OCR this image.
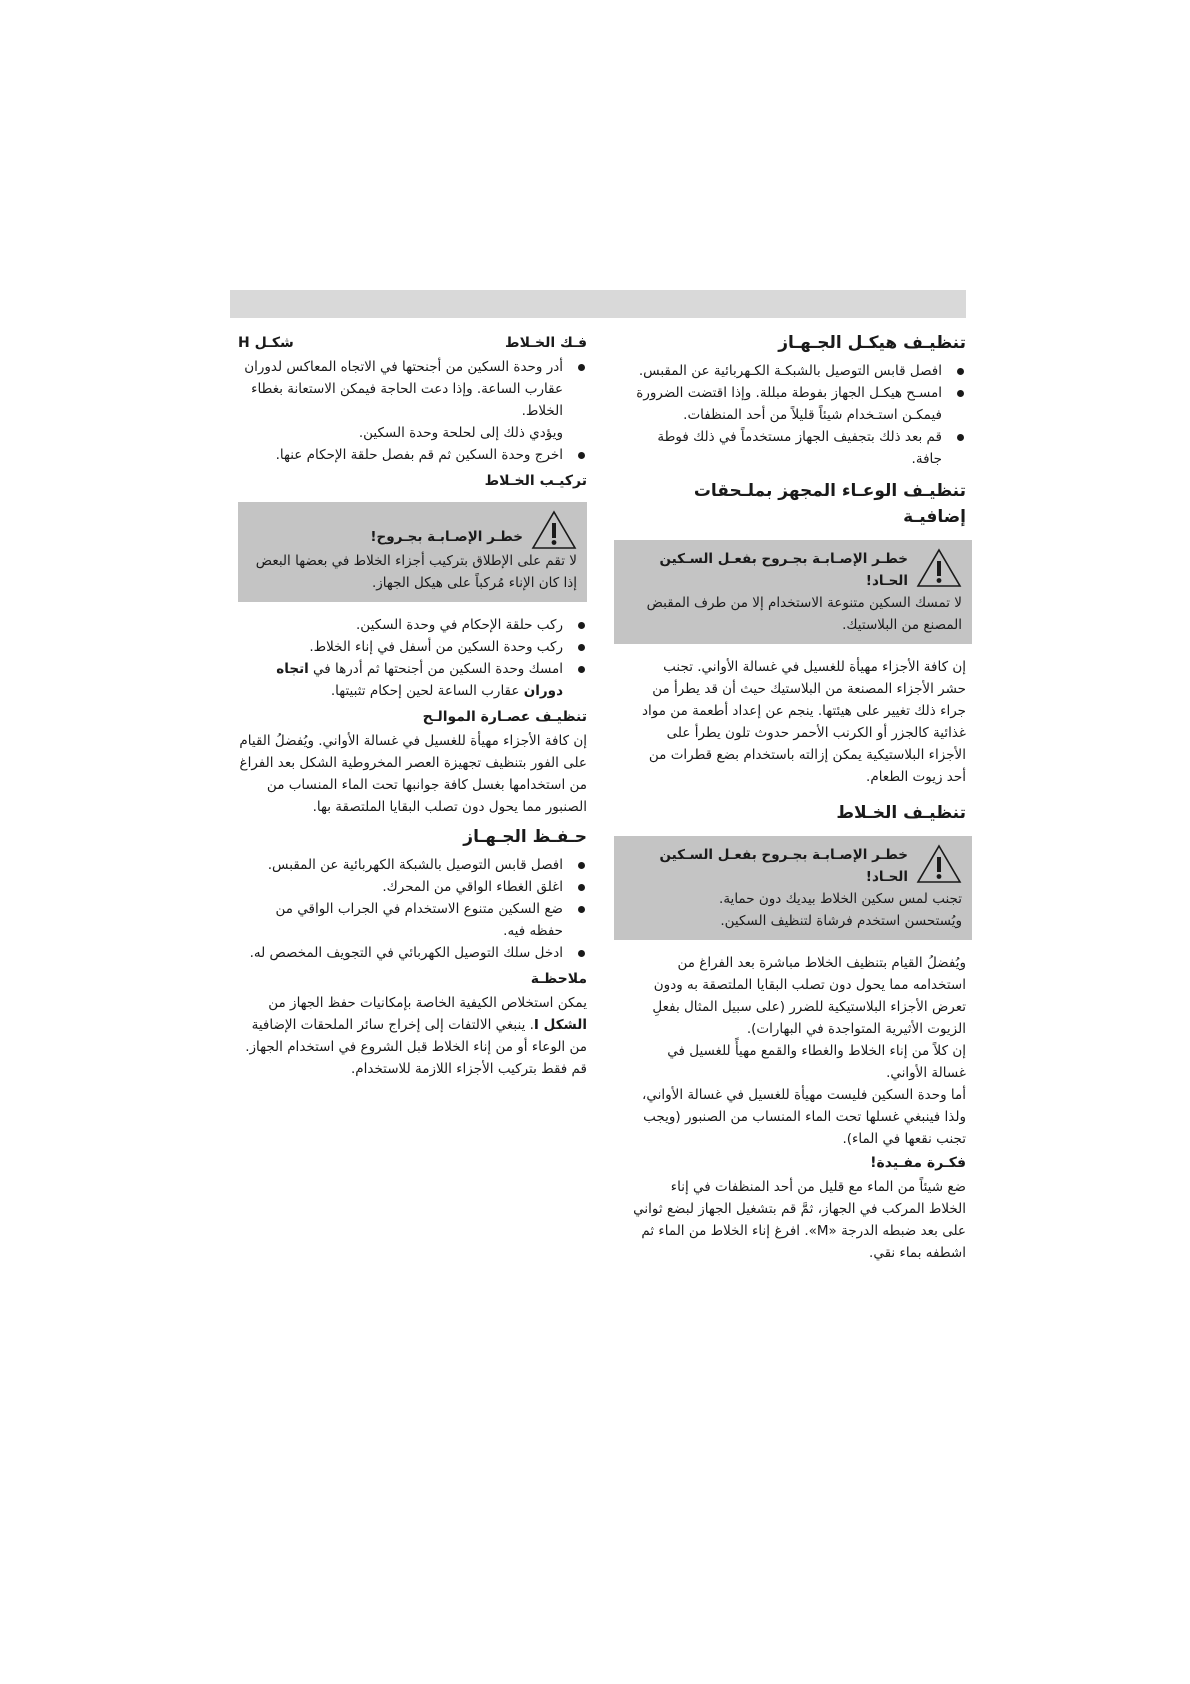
تنظيـف هيكـل الجـهـاز
افصل قابس التوصيل بالشبكـة الكـهربائية عن المقبس.
امسـح هيكـل الجهاز بفوطة مبللة. وإذا اقتضت الضرورة فيمكـن استـخدام شيئاً قليلاً من أحد المنظفات.
قم بعد ذلك بتجفيف الجهاز مستخدماً في ذلك فوطة جافة.
تنظيـف الوعـاء المجهز بملـحقات إضافيـة
خطـر الإصـابـة بجـروح بفعـل السـكين الحـاد!

لا تمسك السكين متنوعة الاستخدام إلا من طرف المقبض المصنع من البلاستيك.

إن كافة الأجزاء مهيأة للغسيل في غسالة الأواني. تجنب حشر الأجزاء المصنعة من البلاستيك حيث أن قد يطرأ من جراء ذلك تغيير على هيئتها. ينجم عن إعداد أطعمة من مواد غذائية كالجزر أو الكرنب الأحمر حدوث تلون يطرأ على الأجزاء البلاستيكية يمكن إزالته باستخدام بضع قطرات من أحد زيوت الطعام.

تنظيـف الخـلاط
خطـر الإصـابـة بجـروح بفعـل السـكين الحـاد!

تجنب لمس سكين الخلاط بيديك دون حماية.

ويُستحسن استخدم فرشاة لتنظيف السكين.

ويُفضلُ القيام بتنظيف الخلاط مباشرة بعد الفراغ من استخدامه مما يحول دون تصلب البقايا الملتصقة به ودون تعرض الأجزاء البلاستيكية للضرر (على سبيل المثال بفعلِ الزيوت الأثيرية المتواجدة في البهارات).

إن كلاً من إناء الخلاط والغطاء والقمع مهيأً للغسيل في غسالة الأواني.

أما وحدة السكين فليست مهيأة للغسيل في غسالة الأواني، ولذا فينبغي غسلها تحت الماء المنساب من الصنبور (ويجب تجنب نقعها في الماء).

فكـرة مفـيدة!

ضع شيئاً من الماء مع قليل من أحد المنظفات في إناء الخلاط المركب في الجهاز، ثمَّ قم بتشغيل الجهاز لبضع ثواني على بعد ضبطه الدرجة «M». افرغ إناء الخلاط من الماء ثم اشطفه بماء نقي.

فـك الخـلاط
شكـل H
أدر وحدة السكين من أجنحتها في الاتجاه المعاكس لدوران عقارب الساعة. وإذا دعت الحاجة فيمكن الاستعانة بغطاء الخلاط.

ويؤدي ذلك إلى لحلحة وحدة السكين.

اخرج وحدة السكين ثم قم بفصل حلقة الإحكام عنها.
تركيـب الخـلاط
خطـر الإصـابـة بجـروح!

لا تقم على الإطلاق بتركيب أجزاء الخلاط في بعضها البعض إذا كان الإناء مُركباً على هيكل الجهاز.

ركب حلقة الإحكام في وحدة السكين.
ركب وحدة السكين من أسفل في إناء الخلاط.
امسك وحدة السكين من أجنحتها ثم أدرها في اتجاه دوران عقارب الساعة لحين إحكام تثبيتها.
تنظيـف عصـارة الموالـح

إن كافة الأجزاء مهيأة للغسيل في غسالة الأواني. ويُفضلُ القيام على الفور بتنظيف تجهيزة العصر المخروطية الشكل بعد الفراغ من استخدامها بغسل كافة جوانبها تحت الماء المنساب من الصنبور مما يحول دون تصلب البقايا الملتصقة بها.

حـفـظ الجـهـاز
افصل قابس التوصيل بالشبكة الكهربائية عن المقبس.
اغلق الغطاء الواقي من المحرك.
ضع السكين متنوع الاستخدام في الجراب الواقي من حفظه فيه.
ادخل سلك التوصيل الكهربائي في التجويف المخصص له.
ملاحظـة

يمكن استخلاص الكيفية الخاصة بإمكانيات حفظ الجهاز من الشكل I. ينبغي الالتفات إلى إخراج سائر الملحقات الإضافية من الوعاء أو من إناء الخلاط قبل الشروع في استخدام الجهاز. قم فقط بتركيب الأجزاء اللازمة للاستخدام.
